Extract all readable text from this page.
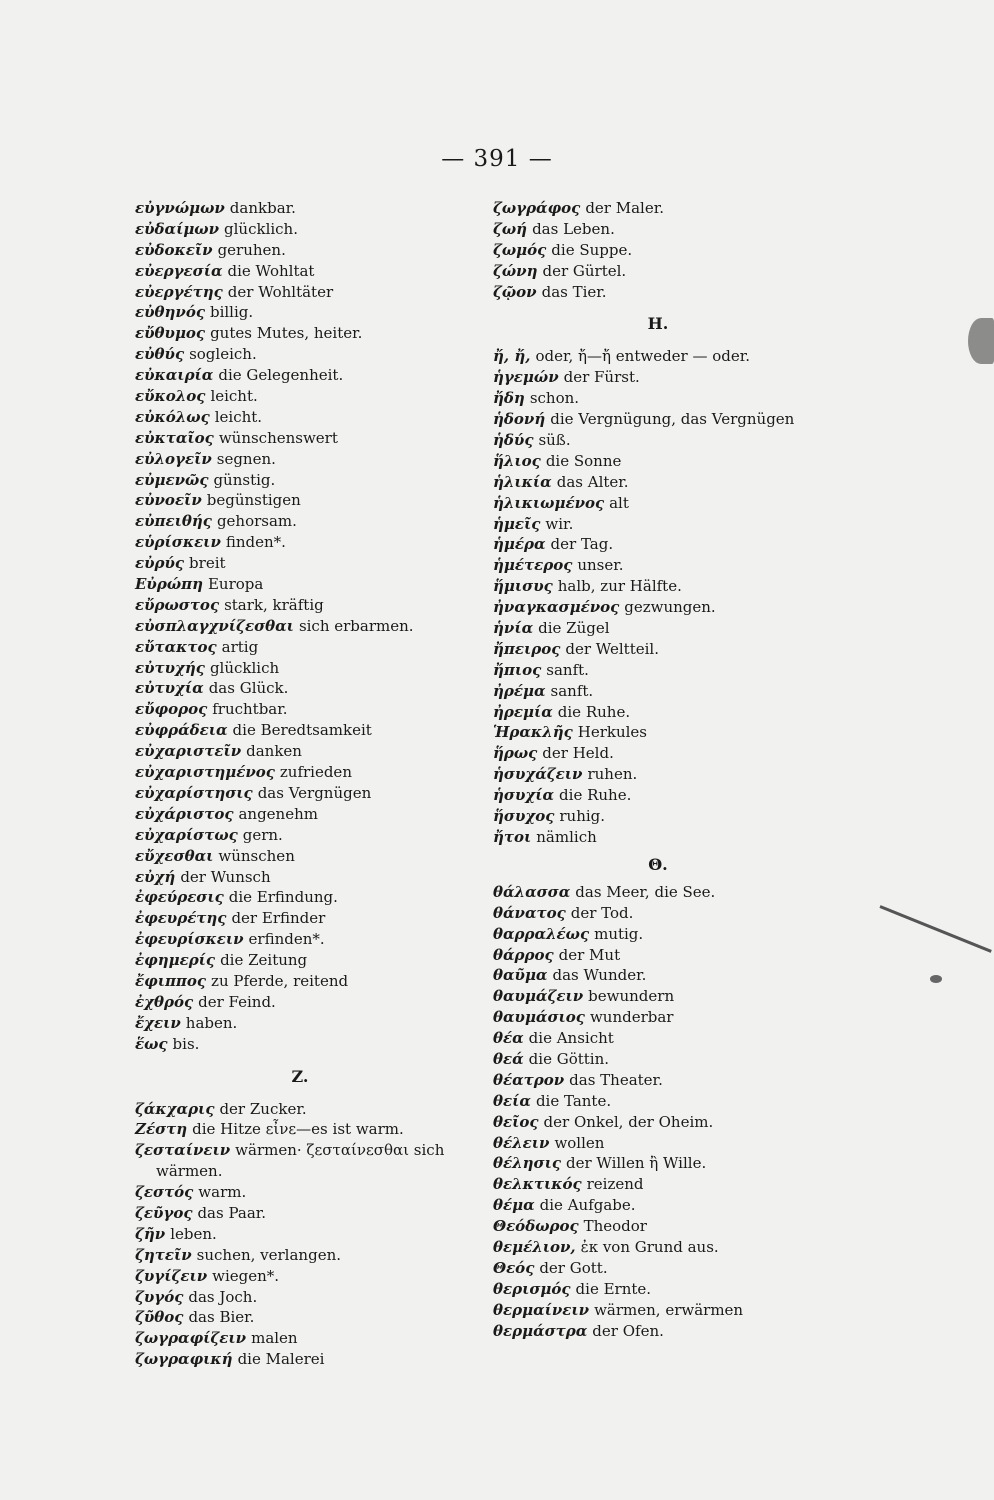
— 391 —
εὐγνώμων dankbar.
εὐδαίμων glücklich.
εὐδοκεῖν geruhen.
εὐεργεσία die Wohltat
εὐεργέτης der Wohltäter
εὐθηνός billig.
εὔθυμος gutes Mutes, heiter.
εὐθύς sogleich.
εὐκαιρία die Gelegenheit.
εὔκολος leicht.
εὐκόλως leicht.
εὐκταῖος wünschenswert
εὐλογεῖν segnen.
εὐμενῶς günstig.
εὐνοεῖν begünstigen
εὐπειθής gehorsam.
εὑρίσκειν finden*.
εὐρύς breit
Εὐρώπη Europa
εὔρωστος stark, kräftig
εὐσπλαγχνίζεσθαι sich erbarmen.
εὔτακτος artig
εὐτυχής glücklich
εὐτυχία das Glück.
εὔφορος fruchtbar.
εὐφράδεια die Beredtsamkeit
εὐχαριστεῖν danken
εὐχαριστημένος zufrieden
εὐχαρίστησις das Vergnügen
εὐχάριστος angenehm
εὐχαρίστως gern.
εὔχεσθαι wünschen
εὐχή der Wunsch
ἐφεύρεσις die Erfindung.
ἐφευρέτης der Erfinder
ἐφευρίσκειν erfinden*.
ἐφημερίς die Zeitung
ἔφιππος zu Pferde, reitend
ἐχθρός der Feind.
ἔχειν haben.
ἕως bis.
Z.
ζάκχαρις der Zucker.
Ζέστη die Hitze εἶνε—es ist warm.
ζεσταίνειν wärmen· ζεσταίνεσθαι sich
wärmen.
ζεστός warm.
ζεῦγος das Paar.
ζῆν leben.
ζητεῖν suchen, verlangen.
ζυγίζειν wiegen*.
ζυγός das Joch.
ζῦθος das Bier.
ζωγραφίζειν malen
ζωγραφική die Malerei
ζωγράφος der Maler.
ζωή das Leben.
ζωμός die Suppe.
ζώνη der Gürtel.
ζῷον das Tier.
H.
ἤ, ἤ, oder, ἤ—ἤ entweder — oder.
ἡγεμών der Fürst.
ἤδη schon.
ἡδονή die Vergnügung, das Vergnügen
ἡδύς süß.
ἥλιος die Sonne
ἡλικία das Alter.
ἡλικιωμένος alt
ἡμεῖς wir.
ἡμέρα der Tag.
ἡμέτερος unser.
ἥμισυς halb, zur Hälfte.
ἠναγκασμένος gezwungen.
ἡνία die Zügel
ἤπειρος der Weltteil.
ἤπιος sanft.
ἠρέμα sanft.
ἠρεμία die Ruhe.
Ἡρακλῆς Herkules
ἥρως der Held.
ἡσυχάζειν ruhen.
ἡσυχία die Ruhe.
ἥσυχος ruhig.
ἤτοι nämlich
Θ.
θάλασσα das Meer, die See.
θάνατος der Tod.
θαρραλέως mutig.
θάρρος der Mut
θαῦμα das Wunder.
θαυμάζειν bewundern
θαυμάσιος wunderbar
θέα die Ansicht
θεά die Göttin.
θέατρον das Theater.
θεία die Tante.
θεῖος der Onkel, der Oheim.
θέλειν wollen
θέλησις der Willen ἢ Wille.
θελκτικός reizend
θέμα die Aufgabe.
Θεόδωρος Theodor
θεμέλιον, ἐκ von Grund aus.
Θεός der Gott.
θερισμός die Ernte.
θερμαίνειν wärmen, erwärmen
θερμάστρα der Ofen.
